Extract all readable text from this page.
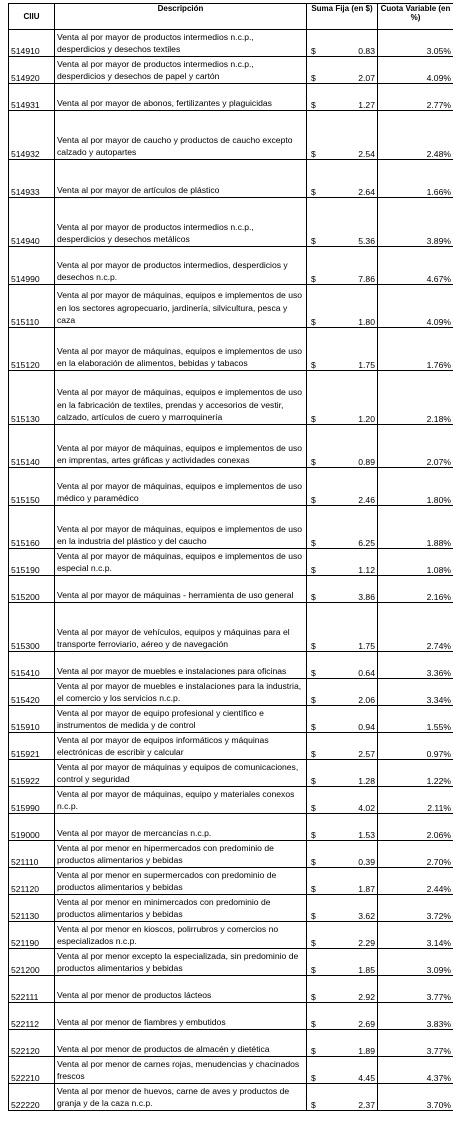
CIIU	Descripción	Suma Fija (en $)	Cuota Variable (en %)
514910	Venta al por mayor de productos intermedios n.c.p., desperdicios y desechos textiles	$ 0.83	3.05%
514920	Venta al por mayor de productos intermedios n.c.p., desperdicios y desechos de papel y cartón	$ 2.07	4.09%
514931	Venta al por mayor de abonos, fertilizantes y plaguicidas	$ 1.27	2.77%
514932	Venta al por mayor de caucho y productos de caucho excepto calzado y autopartes	$ 2.54	2.48%
514933	Venta al por mayor de artículos de plástico	$ 2.64	1.66%
514940	Venta al por mayor de productos intermedios n.c.p., desperdicios y desechos metálicos	$ 5.36	3.89%
514990	Venta al por mayor de productos intermedios, desperdicios y desechos n.c.p.	$ 7.86	4.67%
515110	Venta al por mayor de máquinas, equipos e implementos de uso en los sectores agropecuario, jardinería, silvicultura, pesca y caza	$ 1.80	4.09%
515120	Venta al por mayor de máquinas, equipos e implementos de uso en la elaboración de alimentos, bebidas y tabacos	$ 1.75	1.76%
515130	Venta al por mayor de máquinas, equipos e implementos de uso en la fabricación de textiles, prendas y accesorios de vestir, calzado, artículos de cuero y marroquinería	$ 1.20	2.18%
515140	Venta al por mayor de máquinas, equipos e implementos de uso en imprentas, artes gráficas y actividades conexas	$ 0.89	2.07%
515150	Venta al por mayor de máquinas, equipos e implementos de uso médico y paramédico	$ 2.46	1.80%
515160	Venta al por mayor de máquinas, equipos e implementos de uso en la industria del plástico y del caucho	$ 6.25	1.88%
515190	Venta al por mayor de máquinas, equipos e implementos de uso especial n.c.p.	$ 1.12	1.08%
515200	Venta al por mayor de máquinas - herramienta de uso general	$ 3.86	2.16%
515300	Venta al por mayor de vehículos, equipos y máquinas para el transporte ferroviario, aéreo y de navegación	$ 1.75	2.74%
515410	Venta al por mayor de muebles e instalaciones para oficinas	$ 0.64	3.36%
515420	Venta al por mayor de muebles e instalaciones para la industria, el comercio y los servicios n.c.p.	$ 2.06	3.34%
515910	Venta al por mayor de equipo profesional y científico e instrumentos de medida y de control	$ 0.94	1.55%
515921	Venta al por mayor de equipos informáticos y máquinas electrónicas de escribir y calcular	$ 2.57	0.97%
515922	Venta al por mayor de máquinas y equipos de comunicaciones, control y seguridad	$ 1.28	1.22%
515990	Venta al por mayor de máquinas, equipo y materiales conexos n.c.p.	$ 4.02	2.11%
519000	Venta al por mayor de mercancías n.c.p.	$ 1.53	2.06%
521110	Venta al por menor en hipermercados con predominio de productos alimentarios y bebidas	$ 0.39	2.70%
521120	Venta al por menor en supermercados con predominio de productos alimentarios y bebidas	$ 1.87	2.44%
521130	Venta al por menor en minimercados con predominio de productos alimentarios y bebidas	$ 3.62	3.72%
521190	Venta al por menor en kioscos, polirrubros y comercios no especializados n.c.p.	$ 2.29	3.14%
521200	Venta al por menor excepto la especializada, sin predominio de productos alimentarios y bebidas	$ 1.85	3.09%
522111	Venta al por menor de productos lácteos	$ 2.92	3.77%
522112	Venta al por menor de fiambres y embutidos	$ 2.69	3.83%
522120	Venta al por menor de productos de almacén y dietética	$ 1.89	3.77%
522210	Venta al por menor de carnes rojas, menudencias y chacinados frescos	$ 4.45	4.37%
522220	Venta al por menor de huevos, carne de aves y productos de granja y de la caza n.c.p.	$ 2.37	3.70%
